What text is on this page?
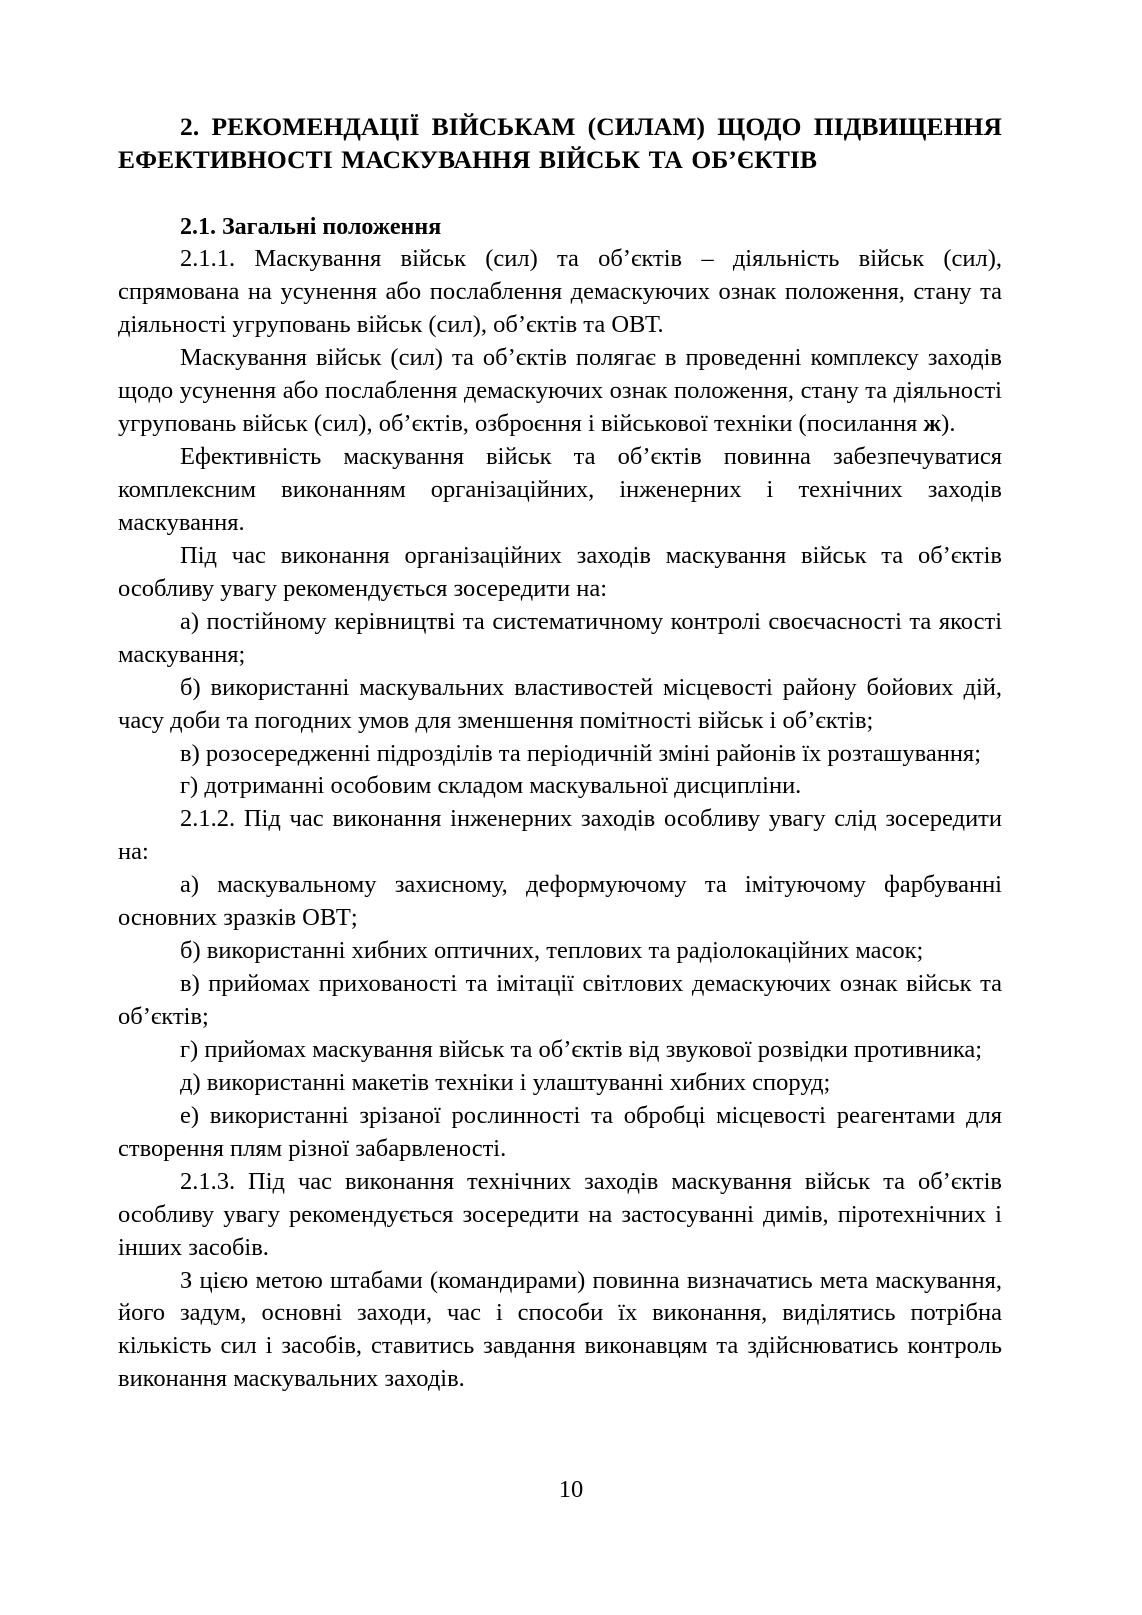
2. РЕКОМЕНДАЦІЇ ВІЙСЬКАМ (СИЛАМ) ЩОДО ПІДВИЩЕННЯ ЕФЕКТИВНОСТІ МАСКУВАННЯ ВІЙСЬК ТА ОБ’ЄКТІВ
2.1. Загальні положення

2.1.1. Маскування військ (сил) та об’єктів – діяльність військ (сил), спрямована на усунення або послаблення демаскуючих ознак положення, стану та діяльності угруповань військ (сил), об’єктів та ОВТ.

Маскування військ (сил) та об’єктів полягає в проведенні комплексу заходів щодо усунення або послаблення демаскуючих ознак положення, стану та діяльності угруповань військ (сил), об’єктів, озброєння і військової техніки (посилання ж).

Ефективність маскування військ та об’єктів повинна забезпечуватися комплексним виконанням організаційних, інженерних і технічних заходів маскування.

Під час виконання організаційних заходів маскування військ та об’єктів особливу увагу рекомендується зосередити на:

а) постійному керівництві та систематичному контролі своєчасності та якості маскування;

б) використанні маскувальних властивостей місцевості району бойових дій, часу доби та погодних умов для зменшення помітності військ і об’єктів;

в) розосередженні підрозділів та періодичній зміні районів їх розташування;

г) дотриманні особовим складом маскувальної дисципліни.

2.1.2. Під час виконання інженерних заходів особливу увагу слід зосередити на:

а) маскувальному захисному, деформуючому та імітуючому фарбуванні основних зразків ОВТ;

б) використанні хибних оптичних, теплових та радіолокаційних масок;

в) прийомах прихованості та імітації світлових демаскуючих ознак військ та об’єктів;

г) прийомах маскування військ та об’єктів від звукової розвідки противника;

д) використанні макетів техніки і улаштуванні хибних споруд;

е) використанні зрізаної рослинності та обробці місцевості реагентами для створення плям різної забарвленості.

2.1.3. Під час виконання технічних заходів маскування військ та об’єктів особливу увагу рекомендується зосередити на застосуванні димів, піротехнічних і інших засобів.

З цією метою штабами (командирами) повинна визначатись мета маскування, його задум, основні заходи, час і способи їх виконання, виділятись потрібна кількість сил і засобів, ставитись завдання виконавцям та здійснюватись контроль виконання маскувальних заходів.

10
